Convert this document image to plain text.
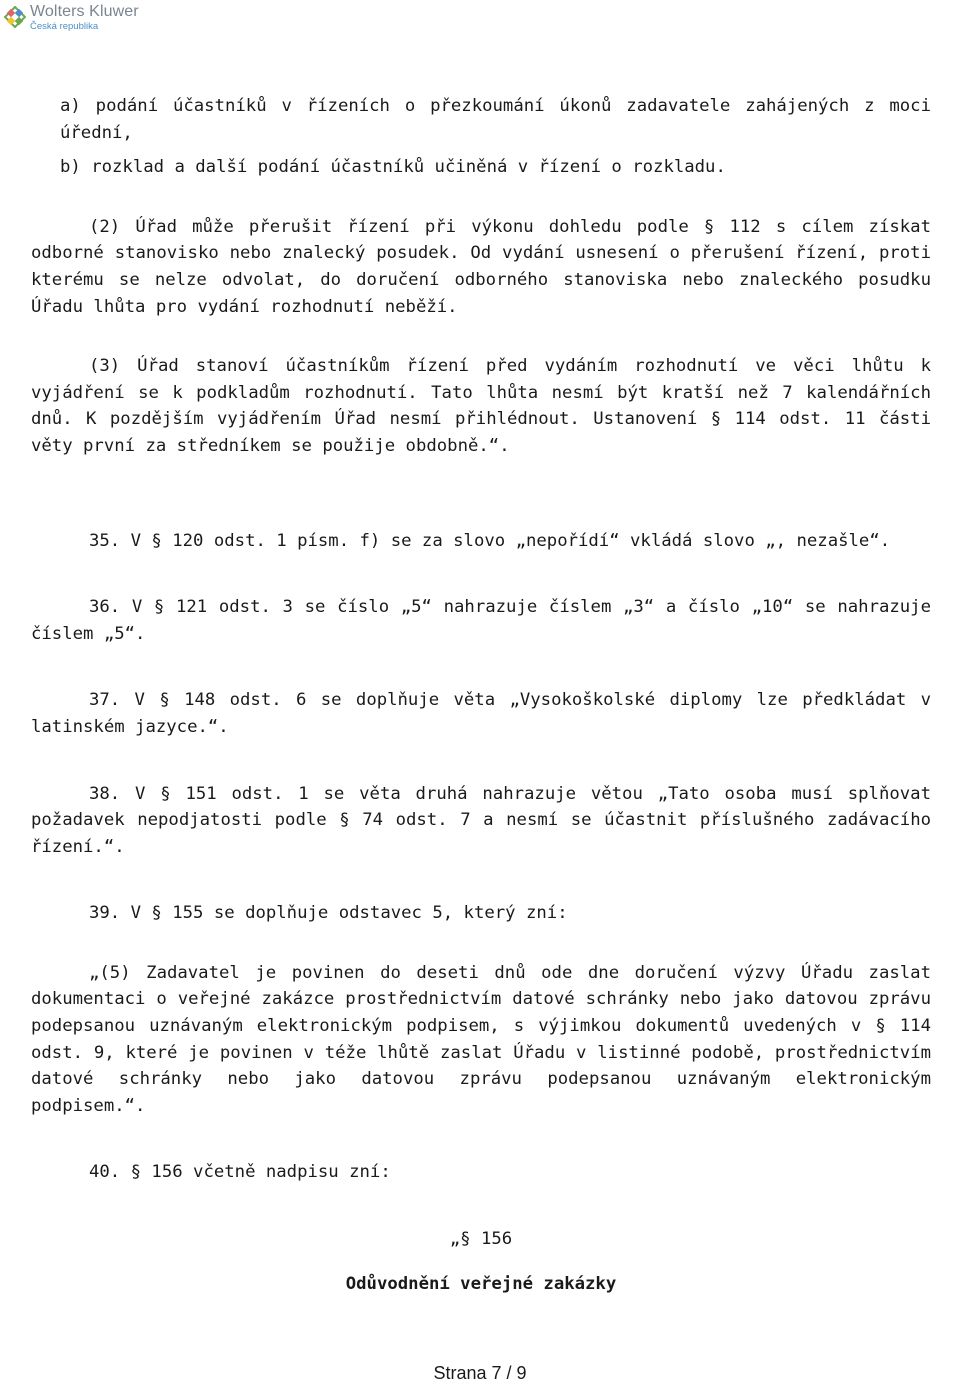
Wolters Kluwer
Česká republika

a) podání účastníků v řízeních o přezkoumání úkonů zadavatele zahájených z moci úřední,

b) rozklad a další podání účastníků učiněná v řízení o rozkladu.

(2) Úřad může přerušit řízení při výkonu dohledu podle § 112 s cílem získat odborné stanovisko nebo znalecký posudek. Od vydání usnesení o přerušení řízení, proti kterému se nelze odvolat, do doručení odborného stanoviska nebo znaleckého posudku Úřadu lhůta pro vydání rozhodnutí neběží.

(3) Úřad stanoví účastníkům řízení před vydáním rozhodnutí ve věci lhůtu k vyjádření se k podkladům rozhodnutí. Tato lhůta nesmí být kratší než 7 kalendářních dnů. K pozdějším vyjádřením Úřad nesmí přihlédnout. Ustanovení § 114 odst. 11 části věty první za středníkem se použije obdobně.“.

35. V § 120 odst. 1 písm. f) se za slovo „nepořídí“ vkládá slovo „, nezašle“.

36. V § 121 odst. 3 se číslo „5“ nahrazuje číslem „3“ a číslo „10“ se nahrazuje číslem „5“.

37. V § 148 odst. 6 se doplňuje věta „Vysokoškolské diplomy lze předkládat v latinském jazyce.“.

38. V § 151 odst. 1 se věta druhá nahrazuje větou „Tato osoba musí splňovat požadavek nepodjatosti podle § 74 odst. 7 a nesmí se účastnit příslušného zadávacího řízení.“.

39. V § 155 se doplňuje odstavec 5, který zní:

„(5) Zadavatel je povinen do deseti dnů ode dne doručení výzvy Úřadu zaslat dokumentaci o veřejné zakázce prostřednictvím datové schránky nebo jako datovou zprávu podepsanou uznávaným elektronickým podpisem, s výjimkou dokumentů uvedených v § 114 odst. 9, které je povinen v téže lhůtě zaslat Úřadu v listinné podobě, prostřednictvím datové schránky nebo jako datovou zprávu podepsanou uznávaným elektronickým podpisem.“.

40. § 156 včetně nadpisu zní:

„§ 156

Odůvodnění veřejné zakázky

Strana 7 / 9
